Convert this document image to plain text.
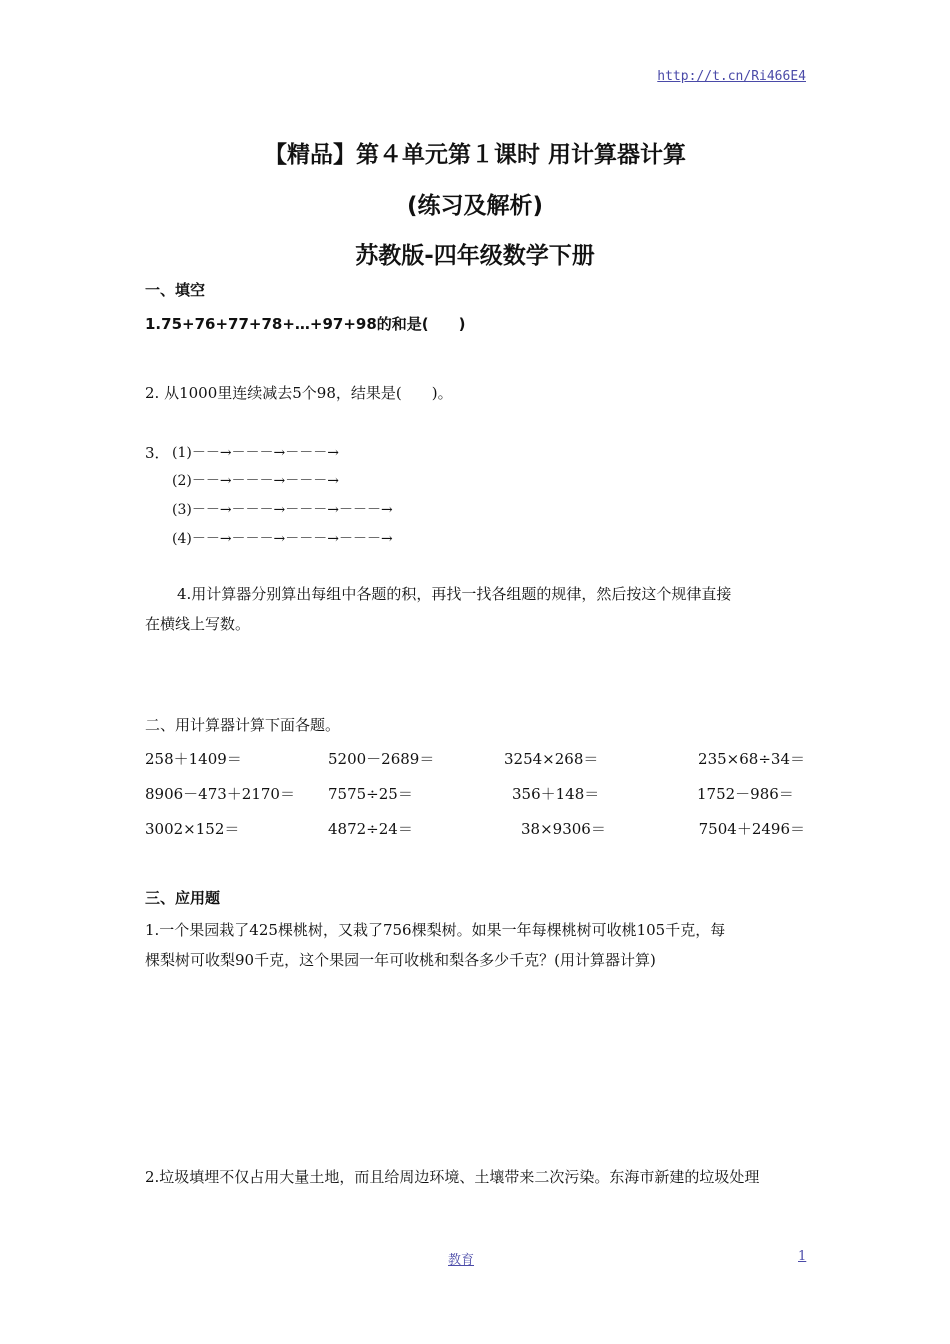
http://t.cn/Ri466E4
【精品】第４单元第１课时 用计算器计算
(练习及解析)
苏教版-四年级数学下册
一、填空
1.75+76+77+78+…+97+98的和是(　　)
2. 从1000里连续减去5个98，结果是(　　)。
3． (1)－－→－－－→－－－→
(2)－－→－－－→－－－→
(3)－－→－－－→－－－→－－－→
(4)－－→－－－→－－－→－－－→
4.用计算器分别算出每组中各题的积，再找一找各组题的规律，然后按这个规律直接
在横线上写数。
二、用计算器计算下面各题。
258＋1409＝	5200－2689＝	3254×268＝	235×68÷34＝
8906－473＋2170＝ 7575÷25＝	356＋148＝	1752－986＝
3002×152＝	4872÷24＝	38×9306＝	7504＋2496＝
三、应用题
1.一个果园栽了425棵桃树，又栽了756棵梨树。如果一年每棵桃树可收桃105千克，每
棵梨树可收梨90千克，这个果园一年可收桃和梨各多少千克？(用计算器计算)
2.垃圾填埋不仅占用大量土地，而且给周边环境、土壤带来二次污染。东海市新建的垃圾处理
教育	1
